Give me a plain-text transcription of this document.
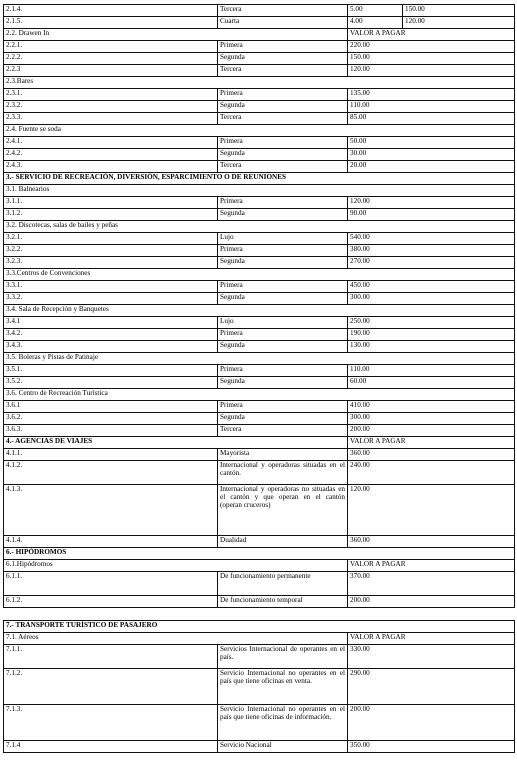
2.1.4.	Tercera	5.00	150.00
2.1.5.	Cuarta	4.00	120.00
2.2. Drawen In		VALOR A PAGAR	
2.2.1.	Primera	220.00	
2.2.2.	Segunda	150.00	
2.2.3	Tercera	120.00	
2.3.Bares			
2.3.1.	Primera	135.00	
2.3.2.	Segunda	110.00	
2.3.3.	Tercera	85.00	
2.4. Fuente se soda			
2.4.1.	Primera	50.00	
2.4.2.	Segunda	30.00	
2.4.3.	Tercera	20.00	
3.- SERVICIO DE RECREACIÓN, DIVERSIÓN, ESPARCIMIENTO O DE REUNIONES			
3.1. Balnearios			
3.1.1.	Primera	120.00	
3.1.2.	Segunda	90.00	
3.2. Discotecas, salas de bailes y peñas			
3.2.1.	Lujo	540.00	
3.2.2.	Primera	380.00	
3.2.3.	Segunda	270.00	
3.3.Centros de Convenciones			
3.3.1.	Primera	450.00	
3.3.2.	Segunda	300.00	
3.4. Sala de Recepción y Banquetes			
3.4.1	Lujo	250.00	
3.4.2.	Primera	190.00	
3.4.3.	Segunda	130.00	
3.5. Boleras y Pistas de Patinaje			
3.5.1.	Primera	110.00	
3.5.2.	Segunda	60.00	
3.6. Centro de Recreación Turística			
3.6.1	Primera	410.00	
3.6.2.	Segunda	300.00	
3.6.3.	Tercera	200.00	
4.- AGENCIAS DE VIAJES		VALOR A PAGAR	
4.1.1.	Mayorista	360.00	
4.1.2.	Internacional y operadoras situadas en el cantón.	240.00	
4.1.3.	Internacional y operadoras no situadas en el cantón y que operan en el cantón (operan cruceros)	120.00	
4.1.4.	Dualidad	360.00	
6.- HIPÓDROMOS			
6.1.Hipódromos		VALOR A PAGAR	
6.1.1.	De funcionamiento permanente	370.00	
6.1.2.	De funcionamiento temporal	200.00	

7.- TRANSPORTE TURÍSTICO DE PASAJERO			
7.1. Aéreos		VALOR A PAGAR	
7.1.1.	Servicios Internacional de operantes en el país.	330.00	
7.1.2.	Servicio Internacional no operantes en el país que tiene oficinas en venta.	290.00	
7.1.3.	Servicio Internacional no operantes en el país que tiene oficinas de información.	200.00	
7.1.4	Servicio Nacional	350.00	
